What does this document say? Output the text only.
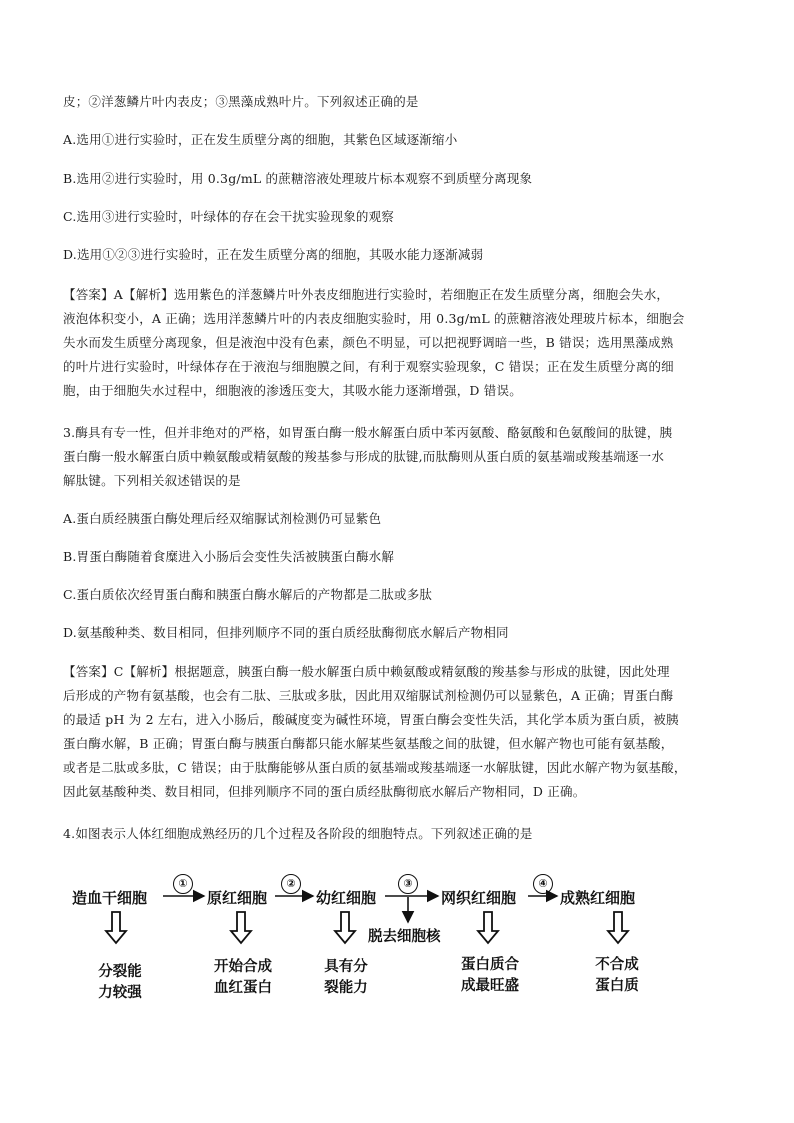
皮；②洋葱鳞片叶内表皮；③黑藻成熟叶片。下列叙述正确的是
A.选用①进行实验时，正在发生质壁分离的细胞，其紫色区域逐渐缩小
B.选用②进行实验时，用 0.3g/mL 的蔗糖溶液处理玻片标本观察不到质壁分离现象
C.选用③进行实验时，叶绿体的存在会干扰实验现象的观察
D.选用①②③进行实验时，正在发生质壁分离的细胞，其吸水能力逐渐减弱
【答案】A【解析】选用紫色的洋葱鳞片叶外表皮细胞进行实验时，若细胞正在发生质壁分离，细胞会失水，
液泡体积变小，A 正确；选用洋葱鳞片叶的内表皮细胞实验时，用 0.3g/mL 的蔗糖溶液处理玻片标本，细胞会
失水而发生质壁分离现象，但是液泡中没有色素，颜色不明显，可以把视野调暗一些，B 错误；选用黑藻成熟
的叶片进行实验时，叶绿体存在于液泡与细胞膜之间，有利于观察实验现象，C 错误；正在发生质壁分离的细
胞，由于细胞失水过程中，细胞液的渗透压变大，其吸水能力逐渐增强，D 错误。
3.酶具有专一性，但并非绝对的严格，如胃蛋白酶一般水解蛋白质中苯丙氨酸、酪氨酸和色氨酸间的肽键，胰
蛋白酶一般水解蛋白质中赖氨酸或精氨酸的羧基参与形成的肽键,而肽酶则从蛋白质的氨基端或羧基端逐一水
解肽键。下列相关叙述错误的是
A.蛋白质经胰蛋白酶处理后经双缩脲试剂检测仍可显紫色
B.胃蛋白酶随着食糜进入小肠后会变性失活被胰蛋白酶水解
C.蛋白质依次经胃蛋白酶和胰蛋白酶水解后的产物都是二肽或多肽
D.氨基酸种类、数目相同，但排列顺序不同的蛋白质经肽酶彻底水解后产物相同
【答案】C【解析】根据题意，胰蛋白酶一般水解蛋白质中赖氨酸或精氨酸的羧基参与形成的肽键，因此处理
后形成的产物有氨基酸，也会有二肽、三肽或多肽，因此用双缩脲试剂检测仍可以显紫色，A 正确；胃蛋白酶
的最适 pH 为 2 左右，进入小肠后，酸碱度变为碱性环境，胃蛋白酶会变性失活，其化学本质为蛋白质，被胰
蛋白酶水解，B 正确；胃蛋白酶与胰蛋白酶都只能水解某些氨基酸之间的肽键，但水解产物也可能有氨基酸，
或者是二肽或多肽，C 错误；由于肽酶能够从蛋白质的氨基端或羧基端逐一水解肽键，因此水解产物为氨基酸，
因此氨基酸种类、数目相同，但排列顺序不同的蛋白质经肽酶彻底水解后产物相同，D 正确。
4.如图表示人体红细胞成熟经历的几个过程及各阶段的细胞特点。下列叙述正确的是
造血干细胞	原红细胞	幼红细胞	网织红细胞	成熟红细胞
①	②	③	④
脱去细胞核
分裂能
力较强
开始合成
血红蛋白
具有分
裂能力
蛋白质合
成最旺盛
不合成
蛋白质
